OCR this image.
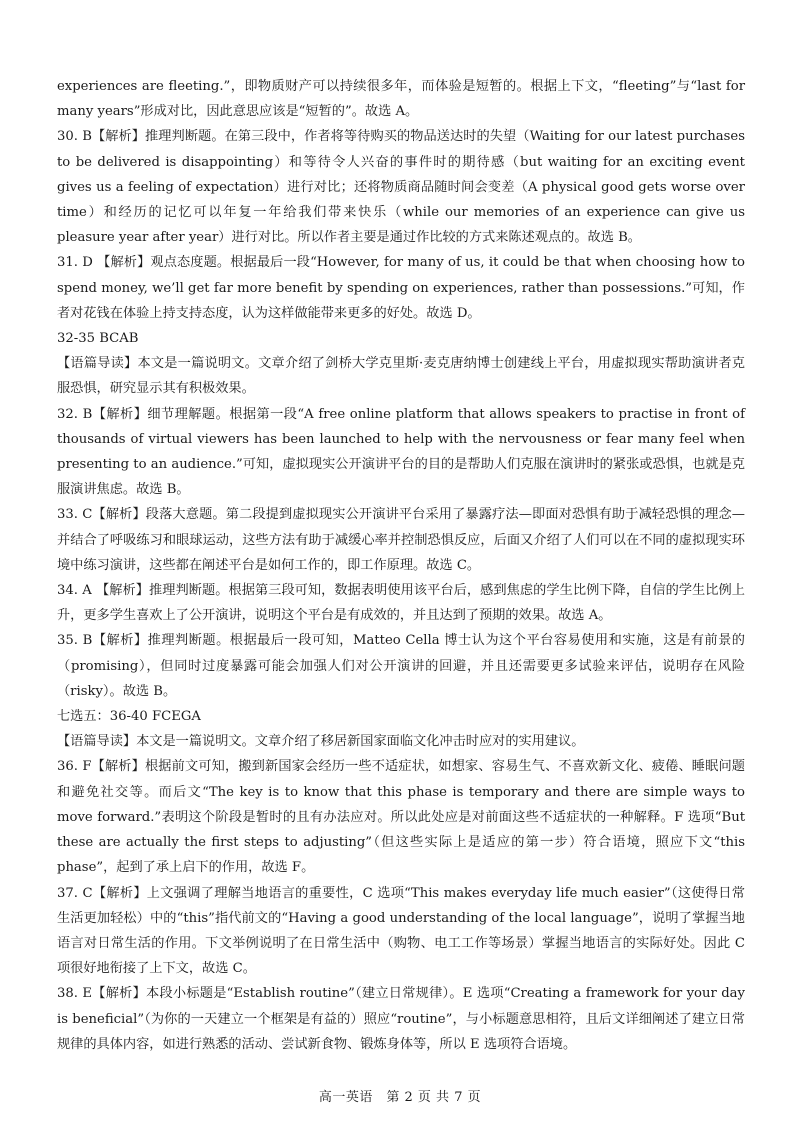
experiences are fleeting.”，即物质财产可以持续很多年，而体验是短暂的。根据上下文，“fleeting”与“last for many years”形成对比，因此意思应该是“短暂的”。故选 A。

30. B【解析】推理判断题。在第三段中，作者将等待购买的物品送达时的失望（Waiting for our latest purchases to be delivered is disappointing）和等待令人兴奋的事件时的期待感（but waiting for an exciting event gives us a feeling of expectation）进行对比；还将物质商品随时间会变差（A physical good gets worse over time）和经历的记忆可以年复一年给我们带来快乐（while our memories of an experience can give us pleasure year after year）进行对比。所以作者主要是通过作比较的方式来陈述观点的。故选 B。

31. D 【解析】观点态度题。根据最后一段“However, for many of us, it could be that when choosing how to spend money, we’ll get far more benefit by spending on experiences, rather than possessions.”可知，作者对花钱在体验上持支持态度，认为这样做能带来更多的好处。故选 D。

32-35 BCAB

【语篇导读】本文是一篇说明文。文章介绍了剑桥大学克里斯·麦克唐纳博士创建线上平台，用虚拟现实帮助演讲者克服恐惧，研究显示其有积极效果。

32. B【解析】细节理解题。根据第一段“A free online platform that allows speakers to practise in front of thousands of virtual viewers has been launched to help with the nervousness or fear many feel when presenting to an audience.”可知，虚拟现实公开演讲平台的目的是帮助人们克服在演讲时的紧张或恐惧，也就是克服演讲焦虑。故选 B。

33. C【解析】段落大意题。第二段提到虚拟现实公开演讲平台采用了暴露疗法—即面对恐惧有助于减轻恐惧的理念—并结合了呼吸练习和眼球运动，这些方法有助于减缓心率并控制恐惧反应，后面又介绍了人们可以在不同的虚拟现实环境中练习演讲，这些都在阐述平台是如何工作的，即工作原理。故选 C。

34. A 【解析】推理判断题。根据第三段可知，数据表明使用该平台后，感到焦虑的学生比例下降，自信的学生比例上升，更多学生喜欢上了公开演讲，说明这个平台是有成效的，并且达到了预期的效果。故选 A。

35. B【解析】推理判断题。根据最后一段可知，Matteo Cella 博士认为这个平台容易使用和实施，这是有前景的（promising），但同时过度暴露可能会加强人们对公开演讲的回避，并且还需要更多试验来评估，说明存在风险（risky）。故选 B。

七选五：36-40 FCEGA

【语篇导读】本文是一篇说明文。文章介绍了移居新国家面临文化冲击时应对的实用建议。

36. F【解析】根据前文可知，搬到新国家会经历一些不适症状，如想家、容易生气、不喜欢新文化、疲倦、睡眠问题和避免社交等。而后文“The key is to know that this phase is temporary and there are simple ways to move forward.”表明这个阶段是暂时的且有办法应对。所以此处应是对前面这些不适症状的一种解释。F 选项“But these are actually the first steps to adjusting”（但这些实际上是适应的第一步）符合语境，照应下文“this phase”，起到了承上启下的作用，故选 F。

37. C【解析】上文强调了理解当地语言的重要性，C 选项“This makes everyday life much easier”（这使得日常生活更加轻松）中的“this”指代前文的“Having a good understanding of the local language”，说明了掌握当地语言对日常生活的作用。下文举例说明了在日常生活中（购物、电工工作等场景）掌握当地语言的实际好处。因此 C 项很好地衔接了上下文，故选 C。

38. E【解析】本段小标题是“Establish routine”（建立日常规律）。E 选项“Creating a framework for your day is beneficial”（为你的一天建立一个框架是有益的）照应“routine”，与小标题意思相符，且后文详细阐述了建立日常规律的具体内容，如进行熟悉的活动、尝试新食物、锻炼身体等，所以 E 选项符合语境。

高一英语　第 2 页 共 7 页
